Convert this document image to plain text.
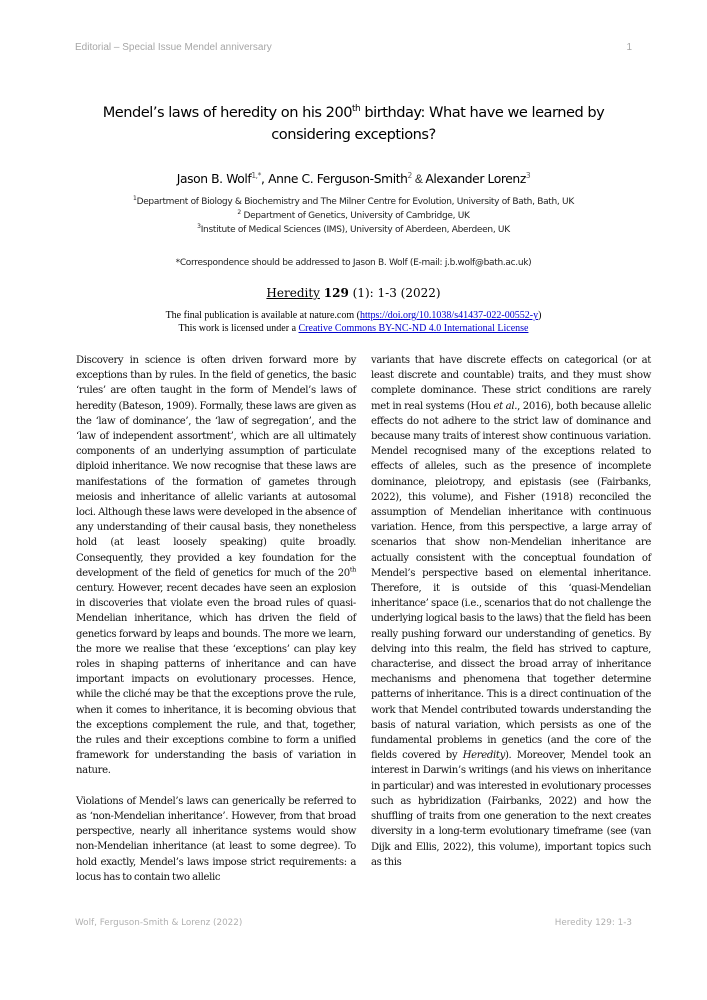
Editorial – Special Issue Mendel anniversary	1
Mendel’s laws of heredity on his 200th birthday: What have we learned by considering exceptions?
Jason B. Wolf$^{1,*}$, Anne C. Ferguson-Smith$^2$ & Alexander Lorenz$^3$
$^1$Department of Biology & Biochemistry and The Milner Centre for Evolution, University of Bath, Bath, UK
$^2$ Department of Genetics, University of Cambridge, UK
$^3$Institute of Medical Sciences (IMS), University of Aberdeen, Aberdeen, UK
*Correspondence should be addressed to Jason B. Wolf (E-mail: j.b.wolf@bath.ac.uk)
Heredity 129 (1): 1-3 (2022)
The final publication is available at nature.com (https://doi.org/10.1038/s41437-022-00552-y)
This work is licensed under a Creative Commons BY-NC-ND 4.0 International License

Discovery in science is often driven forward more by exceptions than by rules. In the field of genetics, the basic ‘rules’ are often taught in the form of Mendel’s laws of heredity (Bateson, 1909). Formally, these laws are given as the ‘law of dominance’, the ‘law of segregation’, and the ‘law of independent assortment’, which are all ultimately components of an underlying assumption of particulate diploid inheritance. We now recognise that these laws are manifestations of the formation of gametes through meiosis and inheritance of allelic variants at autosomal loci. Although these laws were developed in the absence of any understanding of their causal basis, they nonetheless hold (at least loosely speaking) quite broadly. Consequently, they provided a key foundation for the development of the field of genetics for much of the 20th century. However, recent decades have seen an explosion in discoveries that violate even the broad rules of quasi-Mendelian inheritance, which has driven the field of genetics forward by leaps and bounds. The more we learn, the more we realise that these ‘exceptions’ can play key roles in shaping patterns of inheritance and can have important impacts on evolutionary processes. Hence, while the cliché may be that the exceptions prove the rule, when it comes to inheritance, it is becoming obvious that the exceptions complement the rule, and that, together, the rules and their exceptions combine to form a unified framework for understanding the basis of variation in nature.

Violations of Mendel’s laws can generically be referred to as ‘non-Mendelian inheritance’. However, from that broad perspective, nearly all inheritance systems would show non-Mendelian inheritance (at least to some degree). To hold exactly, Mendel’s laws impose strict requirements: a locus has to contain two allelic

variants that have discrete effects on categorical (or at least discrete and countable) traits, and they must show complete dominance. These strict conditions are rarely met in real systems (Hou et al., 2016), both because allelic effects do not adhere to the strict law of dominance and because many traits of interest show continuous variation. Mendel recognised many of the exceptions related to effects of alleles, such as the presence of incomplete dominance, pleiotropy, and epistasis (see (Fairbanks, 2022), this volume), and Fisher (1918) reconciled the assumption of Mendelian inheritance with continuous variation. Hence, from this perspective, a large array of scenarios that show non-Mendelian inheritance are actually consistent with the conceptual foundation of Mendel’s perspective based on elemental inheritance. Therefore, it is outside of this ‘quasi-Mendelian inheritance’ space (i.e., scenarios that do not challenge the underlying logical basis to the laws) that the field has been really pushing forward our understanding of genetics. By delving into this realm, the field has strived to capture, characterise, and dissect the broad array of inheritance mechanisms and phenomena that together determine patterns of inheritance. This is a direct continuation of the work that Mendel contributed towards understanding the basis of natural variation, which persists as one of the fundamental problems in genetics (and the core of the fields covered by Heredity). Moreover, Mendel took an interest in Darwin’s writings (and his views on inheritance in particular) and was interested in evolutionary processes such as hybridization (Fairbanks, 2022) and how the shuffling of traits from one generation to the next creates diversity in a long-term evolutionary timeframe (see (van Dijk and Ellis, 2022), this volume), important topics such as this

Wolf, Ferguson-Smith & Lorenz (2022)	Heredity 129: 1-3
